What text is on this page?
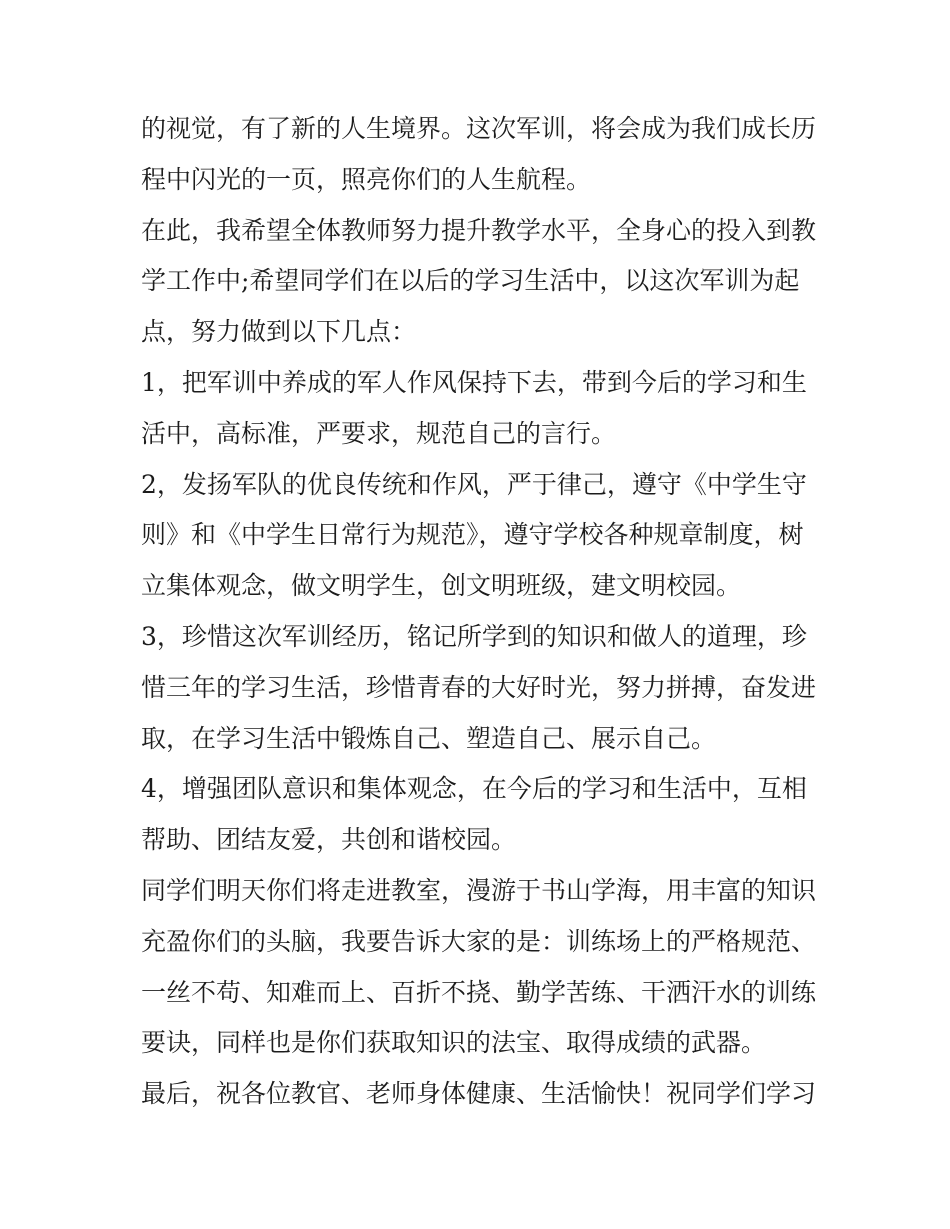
的视觉，有了新的人生境界。这次军训，将会成为我们成长历
程中闪光的一页，照亮你们的人生航程。

在此，我希望全体教师努力提升教学水平，全身心的投入到教
学工作中;希望同学们在以后的学习生活中，以这次军训为起
点，努力做到以下几点：

1，把军训中养成的军人作风保持下去，带到今后的学习和生
活中，高标准，严要求，规范自己的言行。

2，发扬军队的优良传统和作风，严于律己，遵守《中学生守
则》和《中学生日常行为规范》，遵守学校各种规章制度，树
立集体观念，做文明学生，创文明班级，建文明校园。

3，珍惜这次军训经历，铭记所学到的知识和做人的道理，珍
惜三年的学习生活，珍惜青春的大好时光，努力拼搏，奋发进
取，在学习生活中锻炼自己、塑造自己、展示自己。

4，增强团队意识和集体观念，在今后的学习和生活中，互相
帮助、团结友爱，共创和谐校园。

同学们明天你们将走进教室，漫游于书山学海，用丰富的知识
充盈你们的头脑，我要告诉大家的是：训练场上的严格规范、
一丝不苟、知难而上、百折不挠、勤学苦练、干洒汗水的训练
要诀，同样也是你们获取知识的法宝、取得成绩的武器。

最后，祝各位教官、老师身体健康、生活愉快！祝同学们学习
